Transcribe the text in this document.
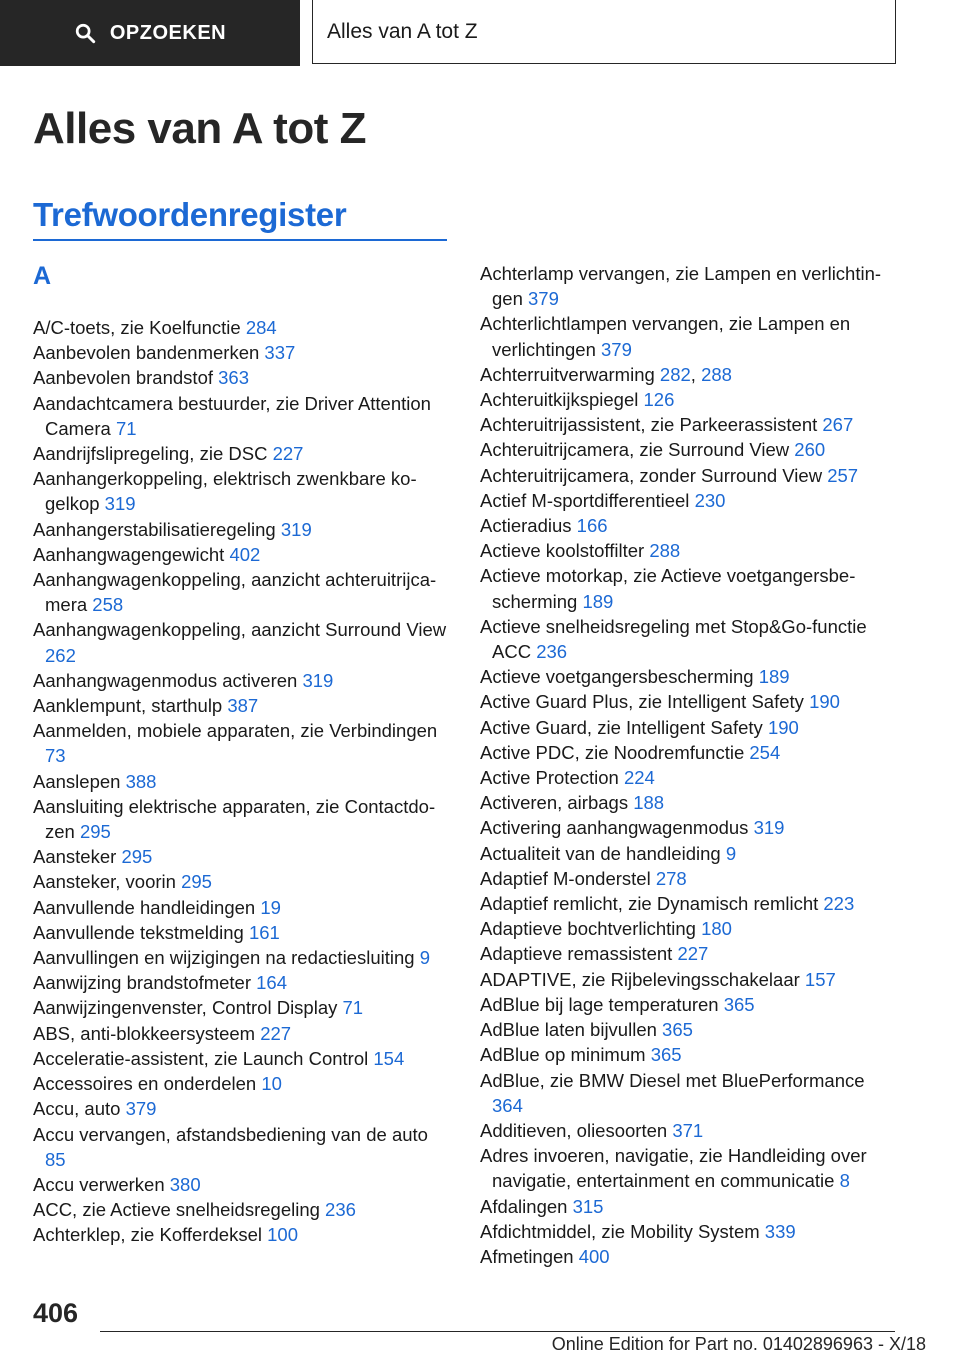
OPZOEKEN	Alles van A tot Z
Alles van A tot Z
Trefwoordenregister
A
A/C-toets, zie Koelfunctie 284
Aanbevolen bandenmerken 337
Aanbevolen brandstof 363
Aandachtcamera bestuurder, zie Driver Attention Camera 71
Aandrijfslipregeling, zie DSC 227
Aanhangerkoppeling, elektrisch zwenkbare kogelkop 319
Aanhangerstabilisatieregeling 319
Aanhangwagengewicht 402
Aanhangwagenkoppeling, aanzicht achteruitrijcamera 258
Aanhangwagenkoppeling, aanzicht Surround View 262
Aanhangwagenmodus activeren 319
Aanklempunt, starthulp 387
Aanmelden, mobiele apparaten, zie Verbindingen 73
Aanslepen 388
Aansluiting elektrische apparaten, zie Contactdozen 295
Aansteker 295
Aansteker, voorin 295
Aanvullende handleidingen 19
Aanvullende tekstmelding 161
Aanvullingen en wijzigingen na redactiesluiting 9
Aanwijzing brandstofmeter 164
Aanwijzingenvenster, Control Display 71
ABS, anti-blokkeersysteem 227
Acceleratie-assistent, zie Launch Control 154
Accessoires en onderdelen 10
Accu, auto 379
Accu vervangen, afstandsbediening van de auto 85
Accu verwerken 380
ACC, zie Actieve snelheidsregeling 236
Achterklep, zie Kofferdeksel 100
Achterlamp vervangen, zie Lampen en verlichtingen 379
Achterlichtlampen vervangen, zie Lampen en verlichtingen 379
Achterruitverwarming 282, 288
Achteruitkijkspiegel 126
Achteruitrijassistent, zie Parkeerassistent 267
Achteruitrijcamera, zie Surround View 260
Achteruitrijcamera, zonder Surround View 257
Actief M-sportdifferentieel 230
Actieradius 166
Actieve koolstoffilter 288
Actieve motorkap, zie Actieve voetgangersbescherming 189
Actieve snelheidsregeling met Stop&Go-functie ACC 236
Actieve voetgangersbescherming 189
Active Guard Plus, zie Intelligent Safety 190
Active Guard, zie Intelligent Safety 190
Active PDC, zie Noodremfunctie 254
Active Protection 224
Activeren, airbags 188
Activering aanhangwagenmodus 319
Actualiteit van de handleiding 9
Adaptief M-onderstel 278
Adaptief remlicht, zie Dynamisch remlicht 223
Adaptieve bochtverlichting 180
Adaptieve remassistent 227
ADAPTIVE, zie Rijbelevingsschakelaar 157
AdBlue bij lage temperaturen 365
AdBlue laten bijvullen 365
AdBlue op minimum 365
AdBlue, zie BMW Diesel met BluePerformance 364
Additieven, oliesoorten 371
Adres invoeren, navigatie, zie Handleiding over navigatie, entertainment en communicatie 8
Afdalingen 315
Afdichtmiddel, zie Mobility System 339
Afmetingen 400
406
Online Edition for Part no. 01402896963 - X/18
